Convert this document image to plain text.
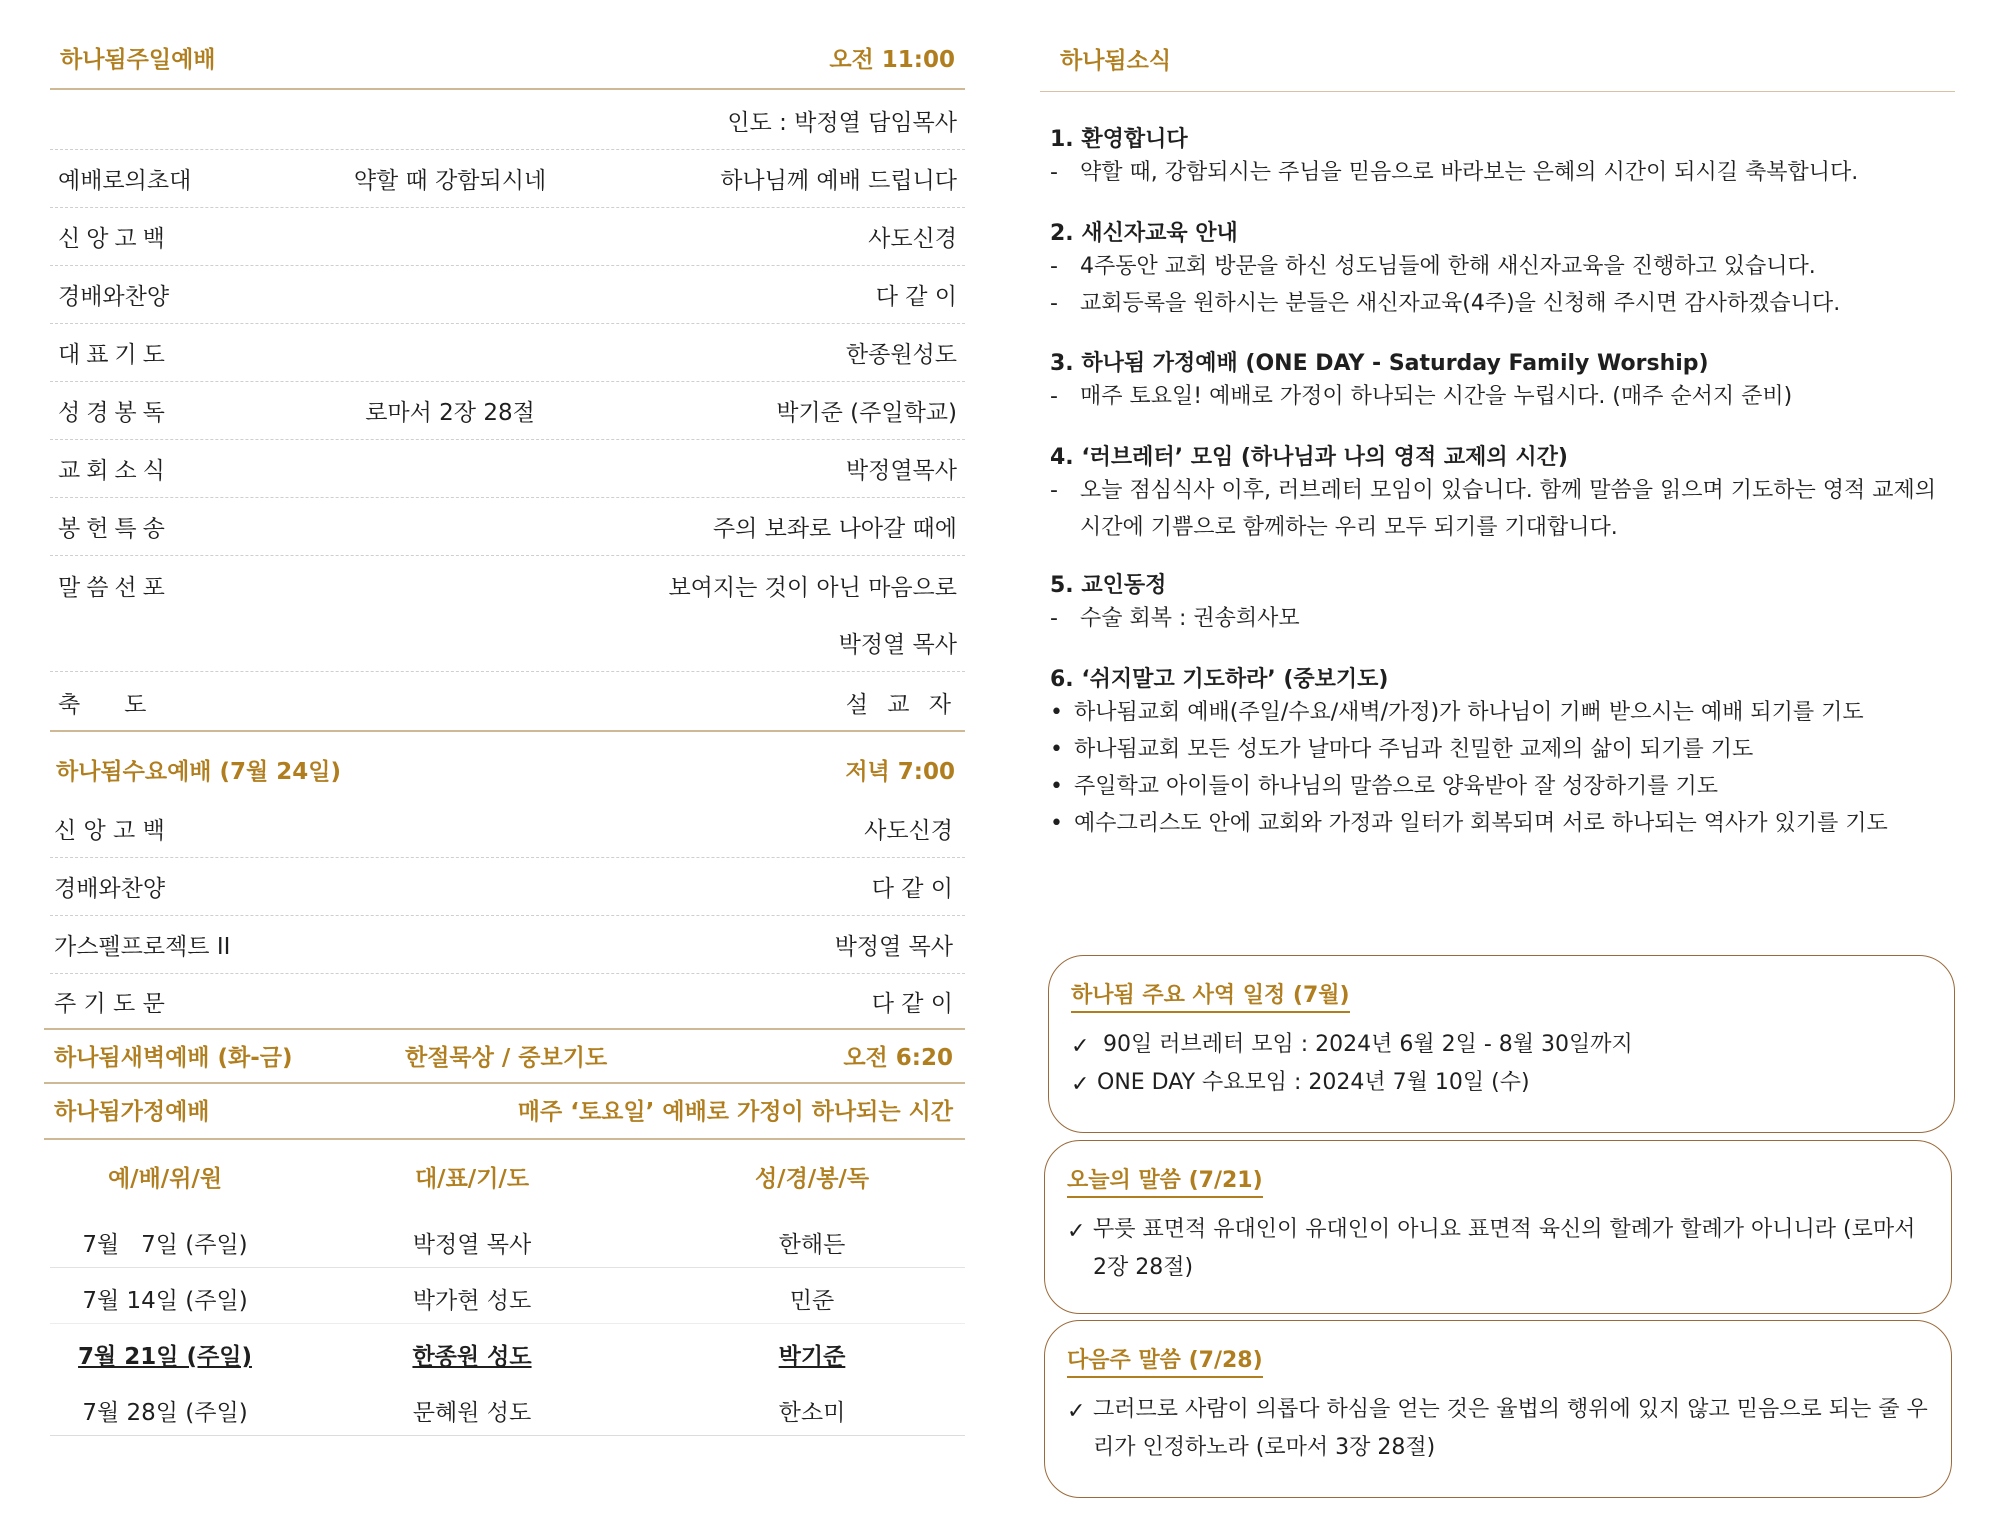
하나됨주일예배	오전 11:00
인도 : 박정열 담임목사
예배로의초대	약할 때 강함되시네	하나님께 예배 드립니다
신앙고백	사도신경
경배와찬양	다 같 이
대표기도	한종원성도
성경봉독	로마서 2장 28절	박기준 (주일학교)
교회소식	박정열목사
봉헌특송	주의 보좌로 나아갈 때에
말씀선포	보여지는 것이 아닌 마음으로
박정열 목사
축      도	설 교 자
하나됨수요예배 (7월 24일)	저녁 7:00
신 앙 고 백	사도신경
경배와찬양	다 같 이
가스펠프로젝트 II	박정열 목사
주 기 도 문	다 같 이
하나됨새벽예배 (화-금)	한절묵상 / 중보기도	오전 6:20
하나됨가정예배	매주 ‘토요일’ 예배로 가정이 하나되는 시간
예/배/위/원	대/표/기/도	성/경/봉/독
7월   7일 (주일)	박정열 목사	한해든
7월 14일 (주일)	박가현 성도	민준
7월 21일 (주일)	한종원 성도	박기준
7월 28일 (주일)	문혜원 성도	한소미
하나됨소식
1. 환영합니다
- 약할 때, 강함되시는 주님을 믿음으로 바라보는 은혜의 시간이 되시길 축복합니다.
2. 새신자교육 안내
- 4주동안 교회 방문을 하신 성도님들에 한해 새신자교육을 진행하고 있습니다.
- 교회등록을 원하시는 분들은 새신자교육(4주)을 신청해 주시면 감사하겠습니다.
3. 하나됨 가정예배 (ONE DAY - Saturday Family Worship)
- 매주 토요일! 예배로 가정이 하나되는 시간을 누립시다. (매주 순서지 준비)
4. ‘러브레터’ 모임 (하나님과 나의 영적 교제의 시간)
- 오늘 점심식사 이후, 러브레터 모임이 있습니다. 함께 말씀을 읽으며 기도하는 영적 교제의 시간에 기쁨으로 함께하는 우리 모두 되기를 기대합니다.
5. 교인동정
- 수술 회복 : 권송희사모
6. ‘쉬지말고 기도하라’ (중보기도)
• 하나됨교회 예배(주일/수요/새벽/가정)가 하나님이 기뻐 받으시는 예배 되기를 기도
• 하나됨교회 모든 성도가 날마다 주님과 친밀한 교제의 삶이 되기를 기도
• 주일학교 아이들이 하나님의 말씀으로 양육받아 잘 성장하기를 기도
• 예수그리스도 안에 교회와 가정과 일터가 회복되며 서로 하나되는 역사가 있기를 기도
하나됨 주요 사역 일정 (7월)
✓ 90일 러브레터 모임 : 2024년 6월 2일 - 8월 30일까지
✓ ONE DAY 수요모임 : 2024년 7월 10일 (수)
오늘의 말씀 (7/21)
✓ 무릇 표면적 유대인이 유대인이 아니요 표면적 육신의 할례가 할례가 아니니라 (로마서 2장 28절)
다음주 말씀 (7/28)
✓ 그러므로 사람이 의롭다 하심을 얻는 것은 율법의 행위에 있지 않고 믿음으로 되는 줄 우리가 인정하노라 (로마서 3장 28절)
